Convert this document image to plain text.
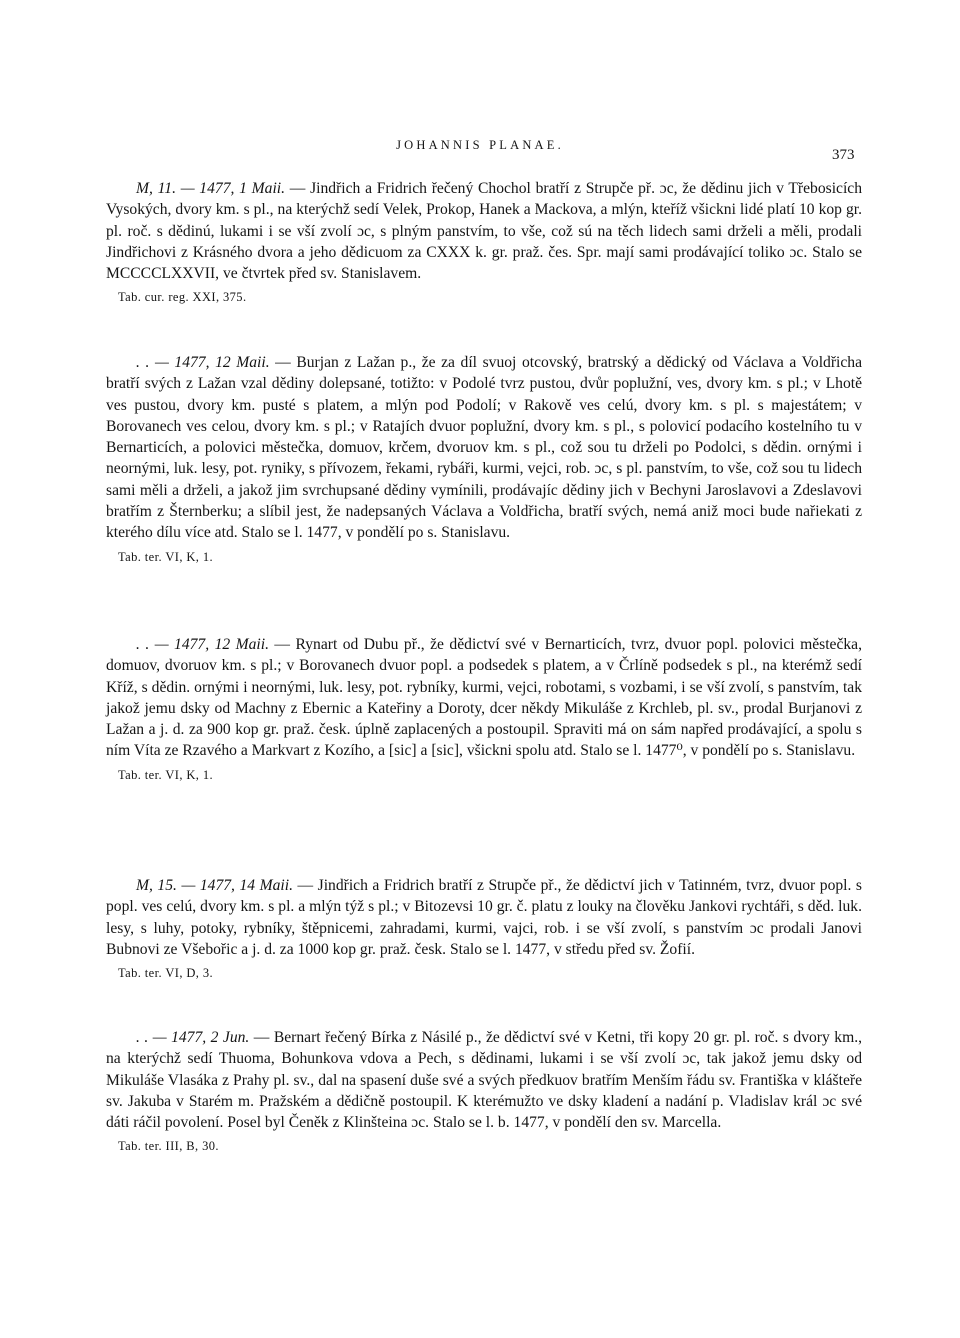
JOHANNIS PLANAE.
373

M, 11. — 1477, 1 Maii. — Jindřich a Fridrich řečený Chochol bratří z Strupče př. ɔc, že dědinu jich v Třebosicích Vysokých, dvory km. s pl., na kterýchž sedí Velek, Prokop, Hanek a Mackova, a mlýn, kteříž všicknі lidé platí 10 kop gr. pl. roč. s dědinú, lukami i se vší zvolí ɔc, s plným panstvím, to vše, což sú na těch lidech sami drželi a měli, prodali Jindřichovi z Krásného dvora a jeho dědicuom za CXXX k. gr. praž. čes. Spr. mají sami prodávající toliko ɔc. Stalo se MCCCCLXXVII, ve čtvrtek před sv. Stanislavem.

Tab. cur. reg. XXI, 375.

. . — 1477, 12 Maii. — Burjan z Lažan p., že za díl svuoj otcovský, bratrský a dědický od Václava a Voldřicha bratří svých z Lažan vzal dědiny dolepsané, totižto: v Podolé tvrz pustou, dvůr poplužní, ves, dvory km. s pl.; v Lhotě ves pustou, dvory km. pusté s platem, a mlýn pod Podolí; v Rakově ves celú, dvory km. s pl. s majestátem; v Borovanech ves celou, dvory km. s pl.; v Ratajích dvuor poplužní, dvory km. s pl., s polovicí podacího kostelního tu v Bernarticích, a polovici městečka, domuov, krčem, dvoruov km. s pl., což sou tu drželi po Podolci, s dědin. ornými i neornými, luk. lesy, pot. rynіky, s přívozem, řekami, rybáři, kurmi, vejci, rob. ɔc, s pl. panstvím, to vše, což sou tu lidech sami měli a drželi, a jakož jim svrchupsané dědiny vymínili, prodávajíc dědiny jich v Bechyni Jaroslavovi a Zdeslavovi bratřím z Šternberku; a slíbil jest, že nadepsaných Václava a Voldřicha, bratří svých, nemá aniž moci bude nařiekati z kterého dílu více atd. Stalo se l. 1477, v pondělí po s. Stanislavu.

Tab. ter. VI, K, 1.

. . — 1477, 12 Maii. — Rynart od Dubu př., že dědictví své v Bernarticích, tvrz, dvuor popl. polovici městečka, domuov, dvoruov km. s pl.; v Borovanech dvuor popl. a podsedek s platem, a v Črlíně podsedek s pl., na kterémž sedí Kříž, s dědin. ornými i neornými, luk. lesy, pot. rybníky, kurmi, vejci, robotami, s vozbami, i se vší zvolí, s panstvím, tak jakož jemu dsky od Machny z Ebernic a Kateřiny a Doroty, dcer někdy Mikuláše z Krchleb, pl. sv., prodal Burjanovi z Lažan a j. d. za 900 kop gr. praž. česk. úplně zaplacených a postoupil. Spraviti má on sám napřed prodávající, a spolu s ním Víta ze Rzavého a Markvart z Kozího, a [sic] a [sic], všicknі spolu atd. Stalo se l. 1477⁰, v pondělí po s. Stanislavu.

Tab. ter. VI, K, 1.

M, 15. — 1477, 14 Maii. — Jindřich a Fridrich bratří z Strupče př., že dědictví jich v Tatinném, tvrz, dvuor popl. s popl. ves celú, dvory km. s pl. a mlýn týž s pl.; v Bitozevsi 10 gr. č. platu z louky na člověku Jankovi rychtáři, s děd. luk. lesy, s luhy, potoky, rybníky, štěpnicemi, zahradami, kurmi, vajci, rob. i se vší zvolí, s panstvím ɔc prodali Janovi Bubnovi ze Všebořic a j. d. za 1000 kop gr. praž. česk. Stalo se l. 1477, v středu před sv. Žofií.

Tab. ter. VI, D, 3.

. . — 1477, 2 Jun. — Bernart řečený Bírka z Násilé p., že dědictví své v Ketni, tři kopy 20 gr. pl. roč. s dvory km., na kterýchž sedí Thuoma, Bohunkova vdova a Pech, s dědinami, lukami i se vší zvolí ɔc, tak jakož jemu dsky od Mikuláše Vlasáka z Prahy pl. sv., dal na spasení duše své a svých předkuov bratřím Menším řádu sv. Františka v klášteře sv. Jakuba v Starém m. Pražském a dědičně postoupil. K kterémužto ve dsky kladení a nadání p. Vladislav král ɔc své dáti ráčil povolení. Posel byl Čeněk z Klinšteina ɔc. Stalo se l. b. 1477, v pondělí den sv. Marcella.

Tab. ter. III, B, 30.
